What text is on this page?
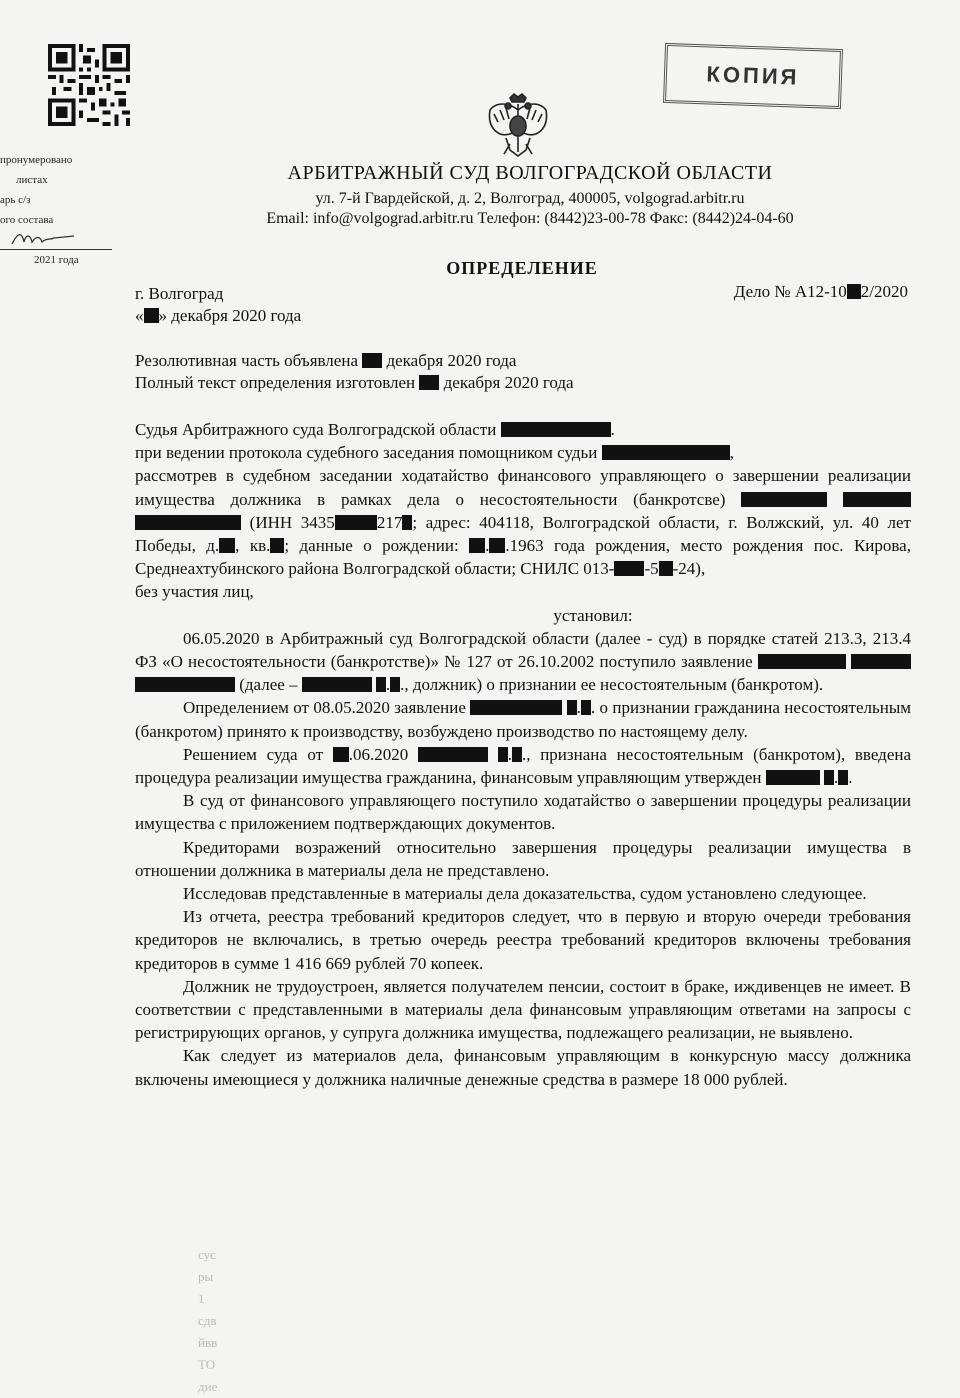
КОПИЯ
пронумеровано
листах
арь с/з
ого состава
2021 года
АРБИТРАЖНЫЙ СУД ВОЛГОГРАДСКОЙ ОБЛАСТИ
ул. 7-й Гвардейской, д. 2, Волгоград, 400005, volgograd.arbitr.ru
Email: info@volgograd.arbitr.ru Телефон: (8442)23-00-78 Факс: (8442)24-04-60
ОПРЕДЕЛЕНИЕ
г. Волгоград	Дело № А12-10 2/2020
« » декабря 2020 года
Резолютивная часть объявлена  декабря 2020 года
Полный текст определения изготовлен  декабря 2020 года

Судья Арбитражного суда Волгоградской области	.
при ведении протокола судебного заседания помощником судьи	,
рассмотрев в судебном заседании ходатайство финансового управляющего о завершении реализации имущества должника в рамках дела о несостоятельности (банкротсве)    (ИНН 3435 217 ; адрес: 404118, Волгоградской области, г. Волжский, ул. 40 лет Победы, д. , кв. ; данные о рождении: . .1963 года рождения, место рождения пос. Кирова, Среднеахтубинского района Волгоградской области; СНИЛС 013- -5 -24),

без участия лиц,

установил:

06.05.2020 в Арбитражный суд Волгоградской области (далее - суд) в порядке статей 213.3, 213.4 ФЗ «О несостоятельности (банкротстве)» № 127 от 26.10.2002 поступило заявление    (далее –	. ., должник) о признании ее несостоятельным (банкротом).

Определением от 08.05.2020 заявление	. . о признании гражданина несостоятельным (банкротом) принято к производству, возбуждено производство по настоящему делу.

Решением суда от .06.2020	. ., признана несостоятельным (банкротом), введена процедура реализации имущества гражданина, финансовым управляющим утвержден	. .

В суд от финансового управляющего поступило ходатайство о завершении процедуры реализации имущества с приложением подтверждающих документов.

Кредиторами возражений относительно завершения процедуры реализации имущества в отношении должника в материалы дела не представлено.

Исследовав представленные в материалы дела доказательства, судом установлено следующее.

Из отчета, реестра требований кредиторов следует, что в первую и вторую очереди требования кредиторов не включались, в третью очередь реестра требований кредиторов включены требования кредиторов в сумме 1 416 669 рублей 70 копеек.

Должник не трудоустроен, является получателем пенсии, состоит в браке, иждивенцев не имеет. В соответствии с представленными в материалы дела финансовым управляющим ответами на запросы с регистрирующих органов, у супруга должника имущества, подлежащего реализации, не выявлено.

Как следует из материалов дела, финансовым управляющим в конкурсную массу должника включены имеющиеся у должника наличные денежные средства в размере 18 000 рублей.

сус
ры
1
сдв
йвв
ТО
дие
